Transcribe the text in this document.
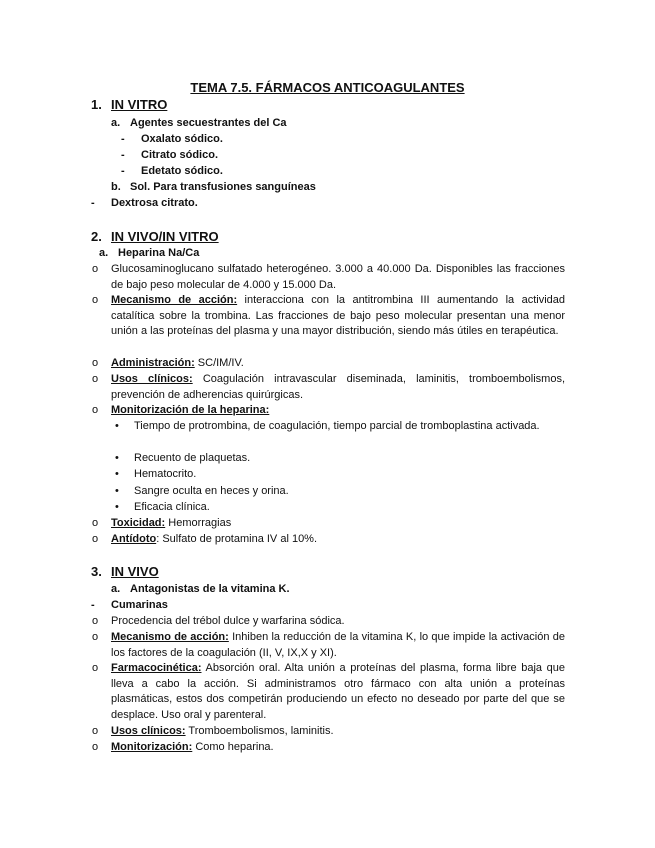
TEMA 7.5. FÁRMACOS ANTICOAGULANTES
1. IN VITRO
a. Agentes secuestrantes del Ca
- Oxalato sódico.
- Citrato sódico.
- Edetato sódico.
b. Sol. Para transfusiones sanguíneas
- Dextrosa citrato.
2. IN VIVO/IN VITRO
a. Heparina Na/Ca
o Glucosaminoglucano sulfatado heterogéneo. 3.000 a 40.000 Da. Disponibles las fracciones de bajo peso molecular de 4.000 y 15.000 Da.
o Mecanismo de acción: interacciona con la antitrombina III aumentando la actividad catalítica sobre la trombina. Las fracciones de bajo peso molecular presentan una menor unión a las proteínas del plasma y una mayor distribución, siendo más útiles en terapéutica.
o Administración: SC/IM/IV.
o Usos clínicos: Coagulación intravascular diseminada, laminitis, tromboembolismos, prevención de adherencias quirúrgicas.
o Monitorización de la heparina:
• Tiempo de protrombina, de coagulación, tiempo parcial de tromboplastina activada.
• Recuento de plaquetas.
• Hematocrito.
• Sangre oculta en heces y orina.
• Eficacia clínica.
o Toxicidad: Hemorragias
o Antídoto: Sulfato de protamina IV al 10%.
3. IN VIVO
a. Antagonistas de la vitamina K.
- Cumarinas
o Procedencia del trébol dulce y warfarina sódica.
o Mecanismo de acción: Inhiben la reducción de la vitamina K, lo que impide la activación de los factores de la coagulación (II, V, IX,X y XI).
o Farmacocinética: Absorción oral. Alta unión a proteínas del plasma, forma libre baja que lleva a cabo la acción. Si administramos otro fármaco con alta unión a proteínas plasmáticas, estos dos competirán produciendo un efecto no deseado por parte del que se desplace. Uso oral y parenteral.
o Usos clínicos: Tromboembolismos, laminitis.
o Monitorización: Como heparina.
